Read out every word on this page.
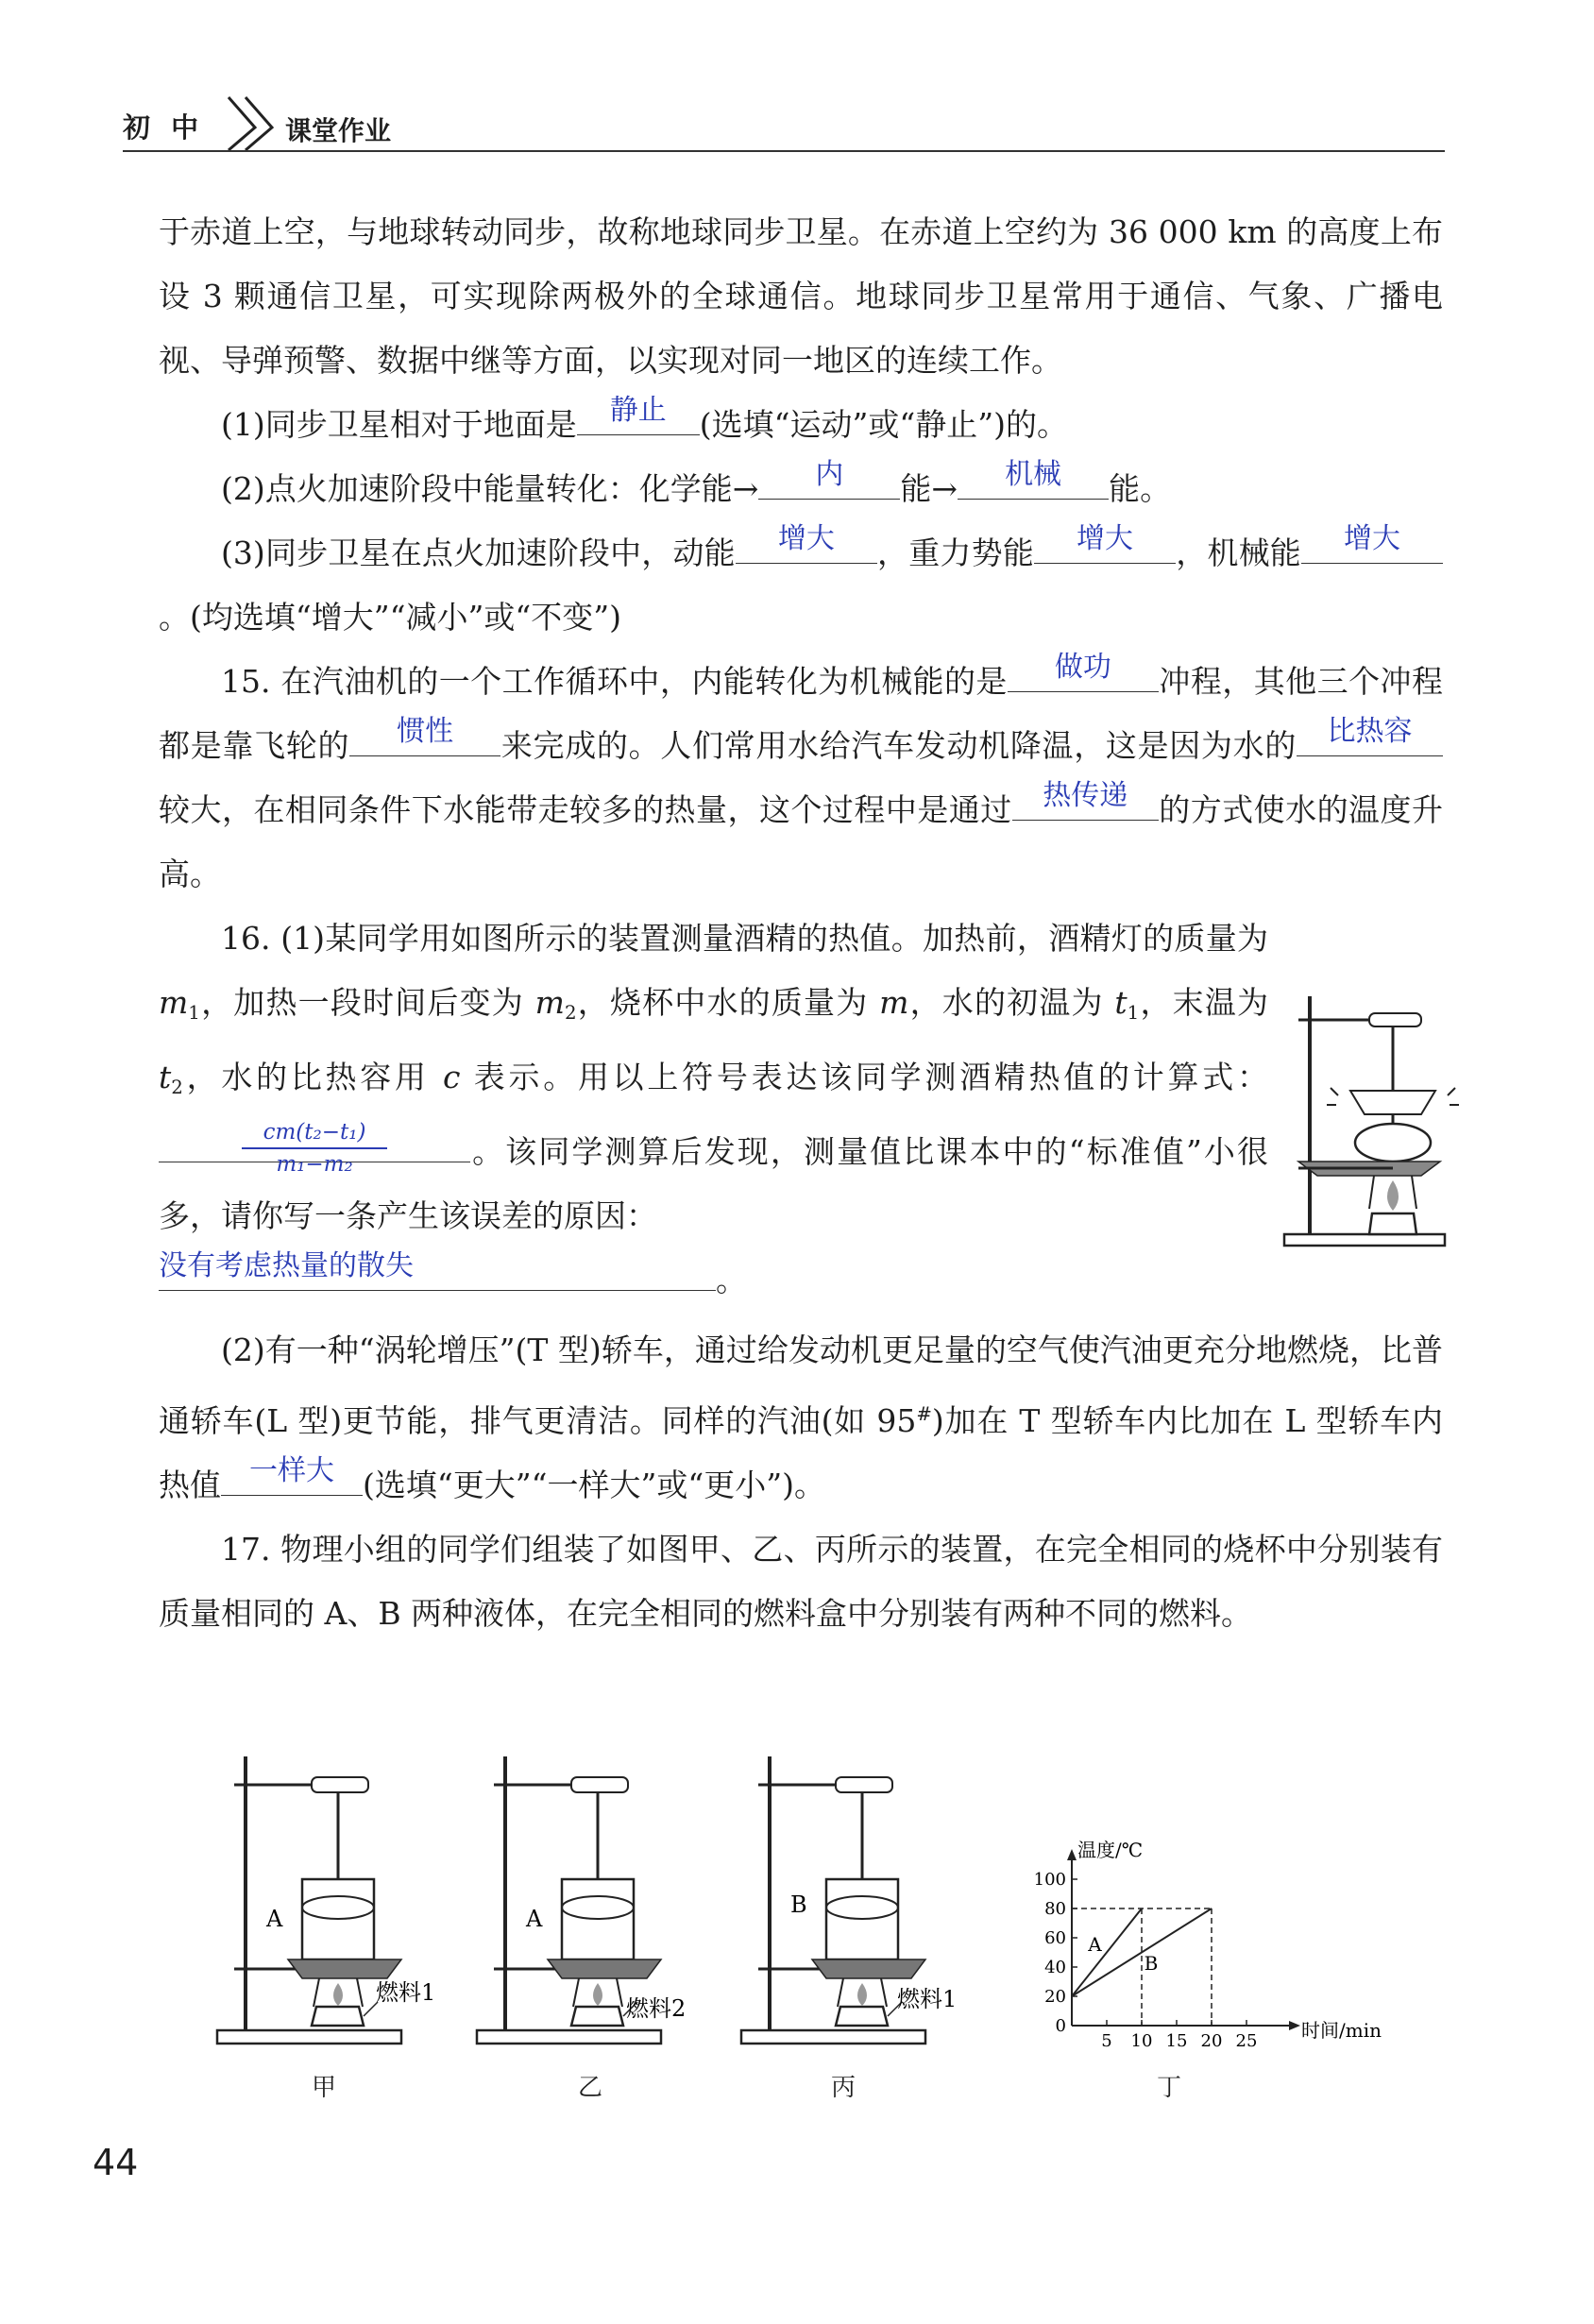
初 中	课堂作业

于赤道上空，与地球转动同步，故称地球同步卫星。在赤道上空约为 36 000 km 的高度上布设 3 颗通信卫星，可实现除两极外的全球通信。地球同步卫星常用于通信、气象、广播电视、导弹预警、数据中继等方面，以实现对同一地区的连续工作。

(1)同步卫星相对于地面是	静止	(选填“运动”或“静止”)的。

(2)点火加速阶段中能量转化：化学能→	内	能→	机械	能。

(3)同步卫星在点火加速阶段中，动能	增大	，重力势能	增大	，机械能	增大
。(均选填“增大”“减小”或“不变”)

15. 在汽油机的一个工作循环中，内能转化为机械能的是	做功	冲程，其他三个冲程都是靠飞轮的	惯性	来完成的。人们常用水给汽车发动机降温，这是因为水的	比热容
较大，在相同条件下水能带走较多的热量，这个过程中是通过	热传递 的方式使水的温度升高。

16. (1)某同学用如图所示的装置测量酒精的热值。加热前，酒精灯的质量为 $m_1$，加热一段时间后变为 $m_2$，烧杯中水的质量为 m，水的初温为 $t_1$，末温为 $t_2$，水的比热容用 c 表示。用以上符号表达该同学测酒精热值的计算式：
cm(t₂−t₁)
m₁−m₂	。该同学测算后发现，测量值比课本中的“标准值”小很多，请你写一条产生该误差的原因：

没有考虑热量的散失	。

(2)有一种“涡轮增压”(T 型)轿车，通过给发动机更足量的空气使汽油更充分地燃烧，比普通轿车(L 型)更节能，排气更清洁。同样的汽油(如 95#)加在 T 型轿车内比加在 L 型轿车内热值	一样大 (选填“更大”“一样大”或“更小”)。

17. 物理小组的同学们组装了如图甲、乙、丙所示的装置，在完全相同的烧杯中分别装有质量相同的 A、B 两种液体，在完全相同的燃料盒中分别装有两种不同的燃料。

A
燃料1
甲
A
燃料2
乙
B
燃料1
丙
温度/℃
时间/min
0
20
40
60
80
100
5 10 15 20 25
A
B
丁
44
